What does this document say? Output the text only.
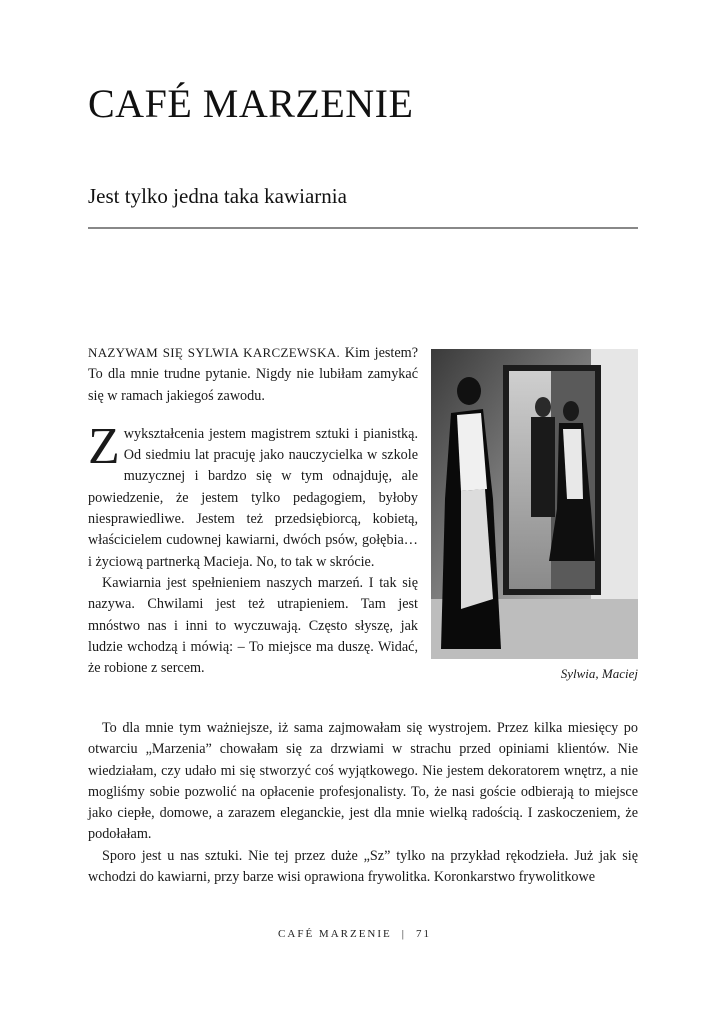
CAFÉ MARZENIE
Jest tylko jedna taka kawiarnia

NAZYWAM SIĘ SYLWIA KARCZEWSKA. Kim jestem? To dla mnie trudne pytanie. Nigdy nie lubiłam zamykać się w ramach jakiegoś zawodu.

Zwykształcenia jestem magistrem sztuki i pianistką. Od siedmiu lat pracuję jako nauczycielka w szkole muzycznej i bardzo się w tym odnajduję, ale powiedzenie, że jestem tylko pedagogiem, byłoby niesprawiedliwe. Jestem też przedsiębiorcą, kobietą, właścicielem cudownej kawiarni, dwóch psów, gołębia… i życiową partnerką Macieja. No, to tak w skrócie.

Kawiarnia jest spełnieniem naszych marzeń. I tak się nazywa. Chwilami jest też utrapieniem. Tam jest mnóstwo nas i inni to wyczuwają. Często słyszę, jak ludzie wchodzą i mówią: – To miejsce ma duszę. Widać, że robione z sercem.	Sylwia, Maciej

To dla mnie tym ważniejsze, iż sama zajmowałam się wystrojem. Przez kilka miesięcy po otwarciu „Marzenia” chowałam się za drzwiami w strachu przed opiniami klientów. Nie wiedziałam, czy udało mi się stworzyć coś wyjątkowego. Nie jestem dekoratorem wnętrz, a nie mogliśmy sobie pozwolić na opłacenie profesjonalisty. To, że nasi goście odbierają to miejsce jako ciepłe, domowe, a zarazem eleganckie, jest dla mnie wielką radością. I zaskoczeniem, że podołałam.

Sporo jest u nas sztuki. Nie tej przez duże „Sz” tylko na przykład rękodzieła. Już jak się wchodzi do kawiarni, przy barze wisi oprawiona frywolitka. Koronkarstwo frywolitkowe

CAFÉ MARZENIE | 71
